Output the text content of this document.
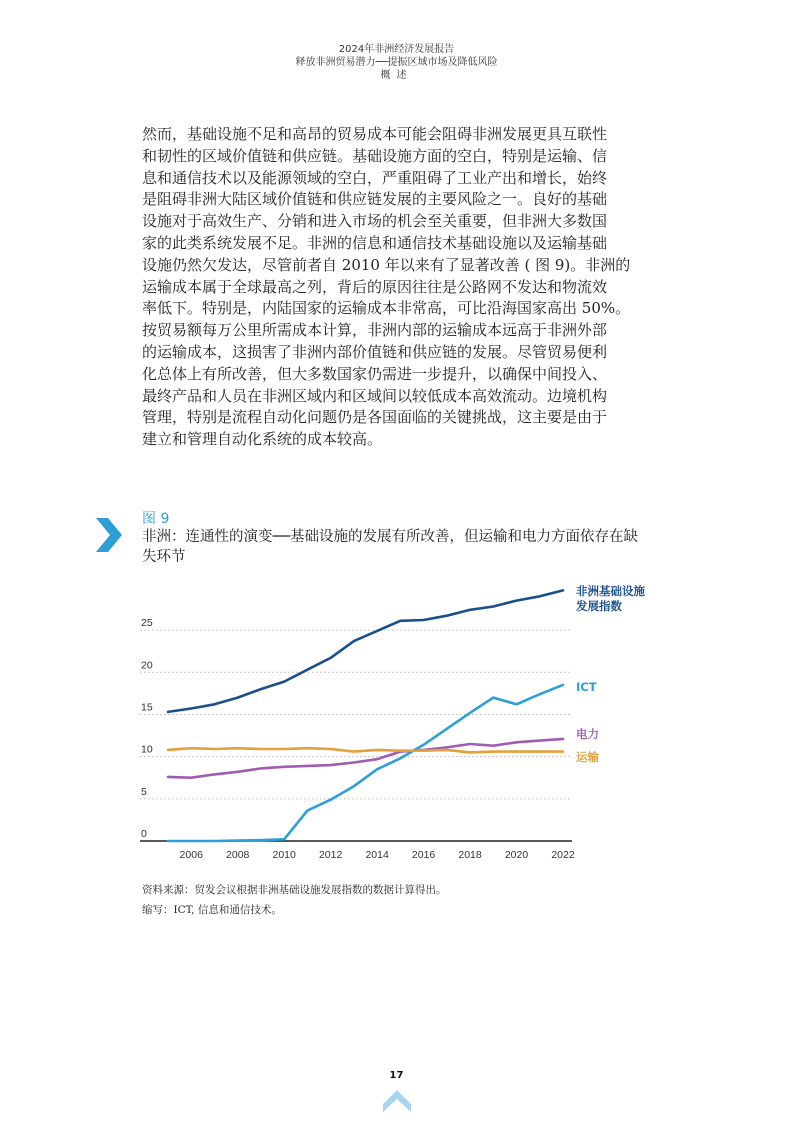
2024年非洲经济发展报告
释放非洲贸易潜力──提振区域市场及降低风险
概述
然而，基础设施不足和高昂的贸易成本可能会阻碍非洲发展更具互联性
和韧性的区域价值链和供应链。基础设施方面的空白，特别是运输、信
息和通信技术以及能源领域的空白，严重阻碍了工业产出和增长，始终
是阻碍非洲大陆区域价值链和供应链发展的主要风险之一。良好的基础
设施对于高效生产、分销和进入市场的机会至关重要，但非洲大多数国
家的此类系统发展不足。非洲的信息和通信技术基础设施以及运输基础
设施仍然欠发达，尽管前者自 2010 年以来有了显著改善 ( 图 9)。非洲的
运输成本属于全球最高之列，背后的原因往往是公路网不发达和物流效
率低下。特别是，内陆国家的运输成本非常高，可比沿海国家高出 50%。
按贸易额每万公里所需成本计算，非洲内部的运输成本远高于非洲外部
的运输成本，这损害了非洲内部价值链和供应链的发展。尽管贸易便利
化总体上有所改善，但大多数国家仍需进一步提升，以确保中间投入、
最终产品和人员在非洲区域内和区域间以较低成本高效流动。边境机构
管理，特别是流程自动化问题仍是各国面临的关键挑战，这主要是由于
建立和管理自动化系统的成本较高。
图 9
非洲：连通性的演变──基础设施的发展有所改善，但运输和电力方面依存在缺失环节
0
5
10
15
20
25
2006 2008 2010 2012 2014 2016 2018 2020 2022
非洲基础设施发展指数
ICT
电力
运输
资料来源：贸发会议根据非洲基础设施发展指数的数据计算得出。
缩写：ICT, 信息和通信技术。
17
